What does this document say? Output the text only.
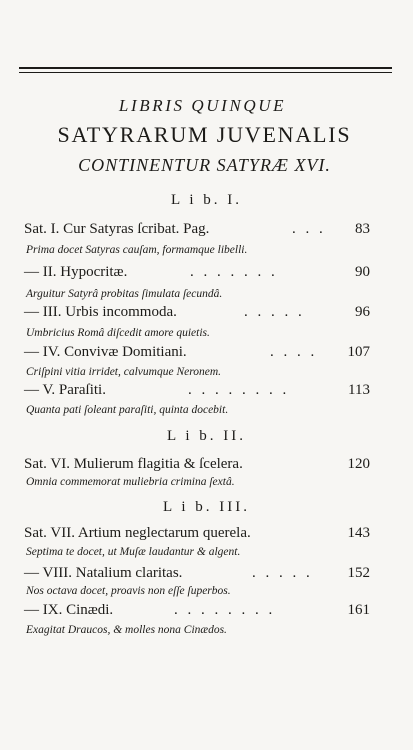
LIBRIS QUINQUE
SATYRARUM JUVENALIS
CONTINENTUR SATYRÆ XVI.
L i b. I.
Sat. I. Cur Satyras ſcribat. Pag.	. . . 83
Prima docet Satyras cauſam, formamque libelli.
— II. Hypocritæ.	. . . . . . .	90
Arguitur Satyrâ probitas ſimulata ſecundâ.
— III. Urbis incommoda.	. . . . .	96
Umbricius Româ diſcedit amore quietis.
— IV. Convivæ Domitiani.	. . . . 107
Criſpini vitia irridet, calvumque Neronem.
— V. Paraſiti.	. . . . . . . .	113
Quanta pati ſoleant paraſiti, quinta docebit.
L i b. II.
Sat. VI. Mulierum flagitia & ſcelera.	120
Omnia commemorat muliebria crimina ſextâ.
L i b. III.
Sat. VII. Artium neglectarum querela.	143
Septima te docet, ut Muſæ laudantur & algent.
— VIII. Natalium claritas.	. . . . . 152
Nos octava docet, proavis non eſſe ſuperbos.
— IX. Cinædi.	. . . . . . . .	161
Exagitat Draucos, & molles nona Cinædos.
